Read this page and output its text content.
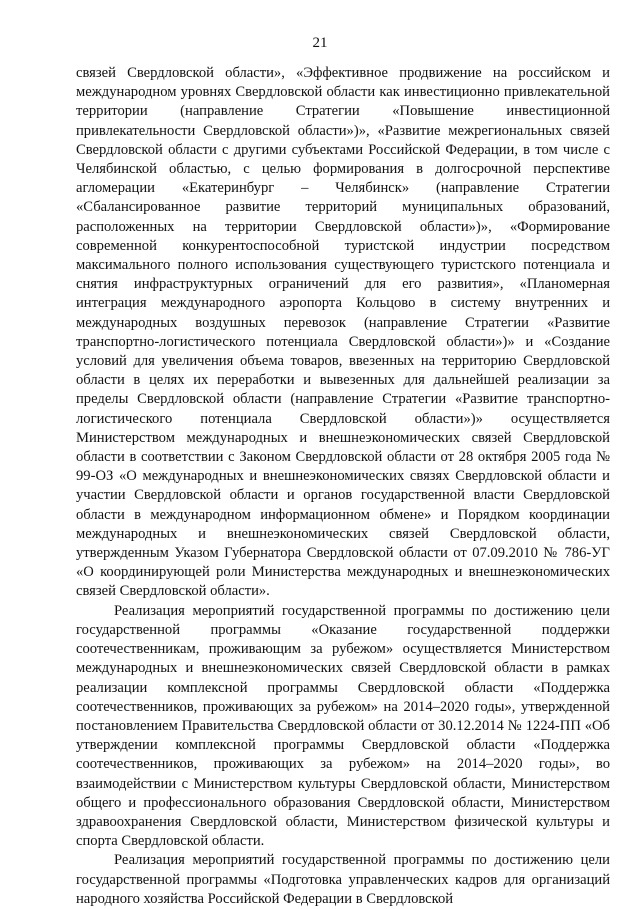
21

связей Свердловской области», «Эффективное продвижение на российском и международном уровнях Свердловской области как инвестиционно привлекательной территории (направление Стратегии «Повышение инвестиционной привлекательности Свердловской области»)», «Развитие межрегиональных связей Свердловской области с другими субъектами Российской Федерации, в том числе с Челябинской областью, с целью формирования в долгосрочной перспективе агломерации «Екатеринбург – Челябинск» (направление Стратегии «Сбалансированное развитие территорий муниципальных образований, расположенных на территории Свердловской области»)», «Формирование современной конкурентоспособной туристской индустрии посредством максимального полного использования существующего туристского потенциала и снятия инфраструктурных ограничений для его развития», «Планомерная интеграция международного аэропорта Кольцово в систему внутренних и международных воздушных перевозок (направление Стратегии «Развитие транспортно-логистического потенциала Свердловской области»)» и «Создание условий для увеличения объема товаров, ввезенных на территорию Свердловской области в целях их переработки и вывезенных для дальнейшей реализации за пределы Свердловской области (направление Стратегии «Развитие транспортно-логистического потенциала Свердловской области»)» осуществляется Министерством международных и внешнеэкономических связей Свердловской области в соответствии с Законом Свердловской области от 28 октября 2005 года № 99-ОЗ «О международных и внешнеэкономических связях Свердловской области и участии Свердловской области и органов государственной власти Свердловской области в международном информационном обмене» и Порядком координации международных и внешнеэкономических связей Свердловской области, утвержденным Указом Губернатора Свердловской области от 07.09.2010 № 786-УГ «О координирующей роли Министерства международных и внешнеэкономических связей Свердловской области».

Реализация мероприятий государственной программы по достижению цели государственной программы «Оказание государственной поддержки соотечественникам, проживающим за рубежом» осуществляется Министерством международных и внешнеэкономических связей Свердловской области в рамках реализации комплексной программы Свердловской области «Поддержка соотечественников, проживающих за рубежом» на 2014–2020 годы», утвержденной постановлением Правительства Свердловской области от 30.12.2014 № 1224-ПП «Об утверждении комплексной программы Свердловской области «Поддержка соотечественников, проживающих за рубежом» на 2014–2020 годы», во взаимодействии с Министерством культуры Свердловской области, Министерством общего и профессионального образования Свердловской области, Министерством здравоохранения Свердловской области, Министерством физической культуры и спорта Свердловской области.

Реализация мероприятий государственной программы по достижению цели государственной программы «Подготовка управленческих кадров для организаций народного хозяйства Российской Федерации в Свердловской
